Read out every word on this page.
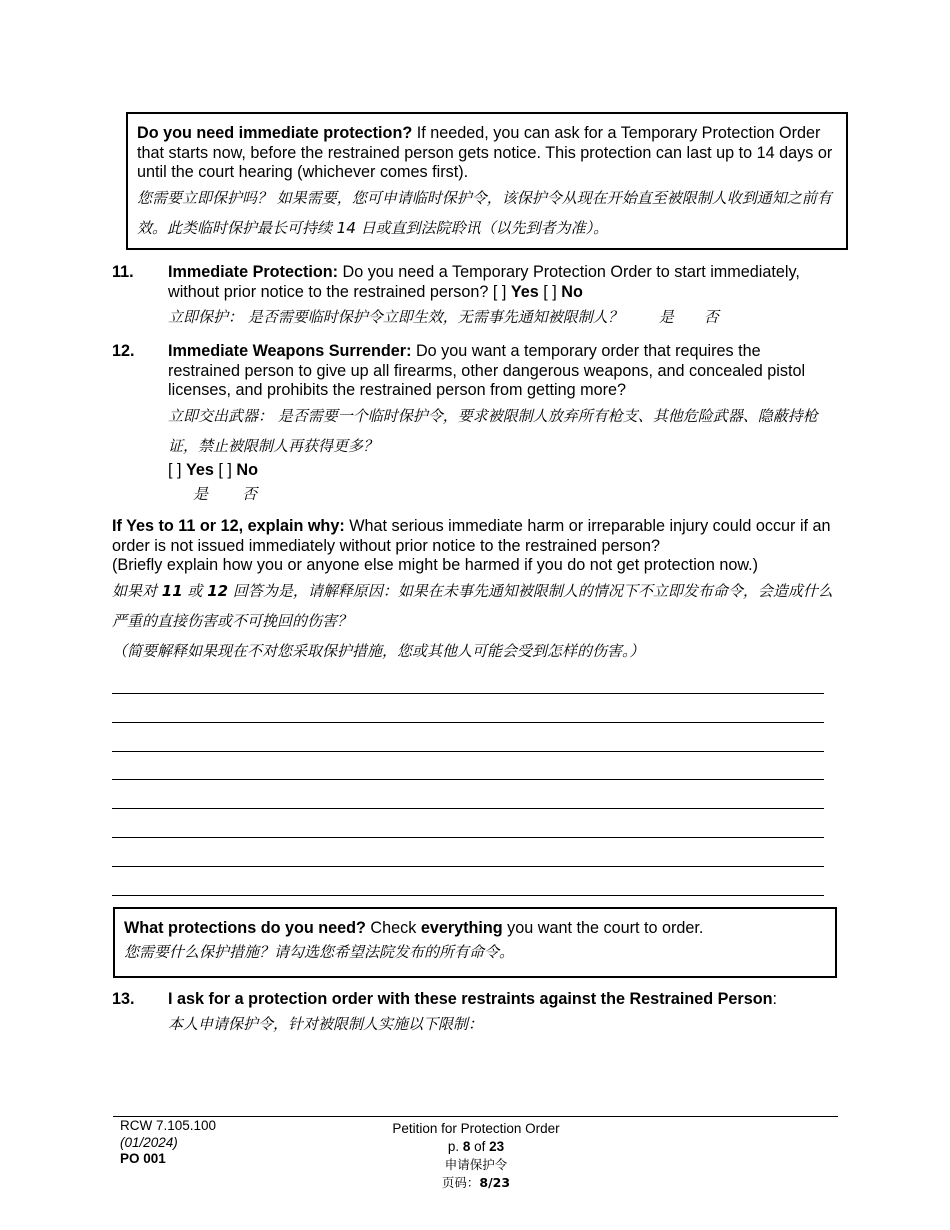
Do you need immediate protection? If needed, you can ask for a Temporary Protection Order that starts now, before the restrained person gets notice. This protection can last up to 14 days or until the court hearing (whichever comes first).
您需要立即保护吗？ 如果需要，您可申请临时保护令，该保护令从现在开始直至被限制人收到通知之前有效。此类临时保护最长可持续 14 日或直到法院聆讯（以先到者为准）。
11. Immediate Protection: Do you need a Temporary Protection Order to start immediately, without prior notice to the restrained person? [ ] Yes [ ] No
立即保护： 是否需要临时保护令立即生效，无需事先通知被限制人？ 是 否
12. Immediate Weapons Surrender: Do you want a temporary order that requires the restrained person to give up all firearms, other dangerous weapons, and concealed pistol licenses, and prohibits the restrained person from getting more?
立即交出武器： 是否需要一个临时保护令，要求被限制人放弃所有枪支、其他危险武器、隐蔽持枪证，禁止被限制人再获得更多？
[ ] Yes [ ] No
是 否
If Yes to 11 or 12, explain why: What serious immediate harm or irreparable injury could occur if an order is not issued immediately without prior notice to the restrained person?
(Briefly explain how you or anyone else might be harmed if you do not get protection now.)
如果对 11 或 12 回答为是，请解释原因：如果在未事先通知被限制人的情况下不立即发布命令，会造成什么严重的直接伤害或不可挽回的伤害？
（简要解释如果现在不对您采取保护措施，您或其他人可能会受到怎样的伤害。）
What protections do you need? Check everything you want the court to order.
您需要什么保护措施？请勾选您希望法院发布的所有命令。
13. I ask for a protection order with these restraints against the Restrained Person:
本人申请保护令，针对被限制人实施以下限制：
RCW 7.105.100
(01/2024)
PO 001
Petition for Protection Order
p. 8 of 23
申请保护令
页码：8/23
